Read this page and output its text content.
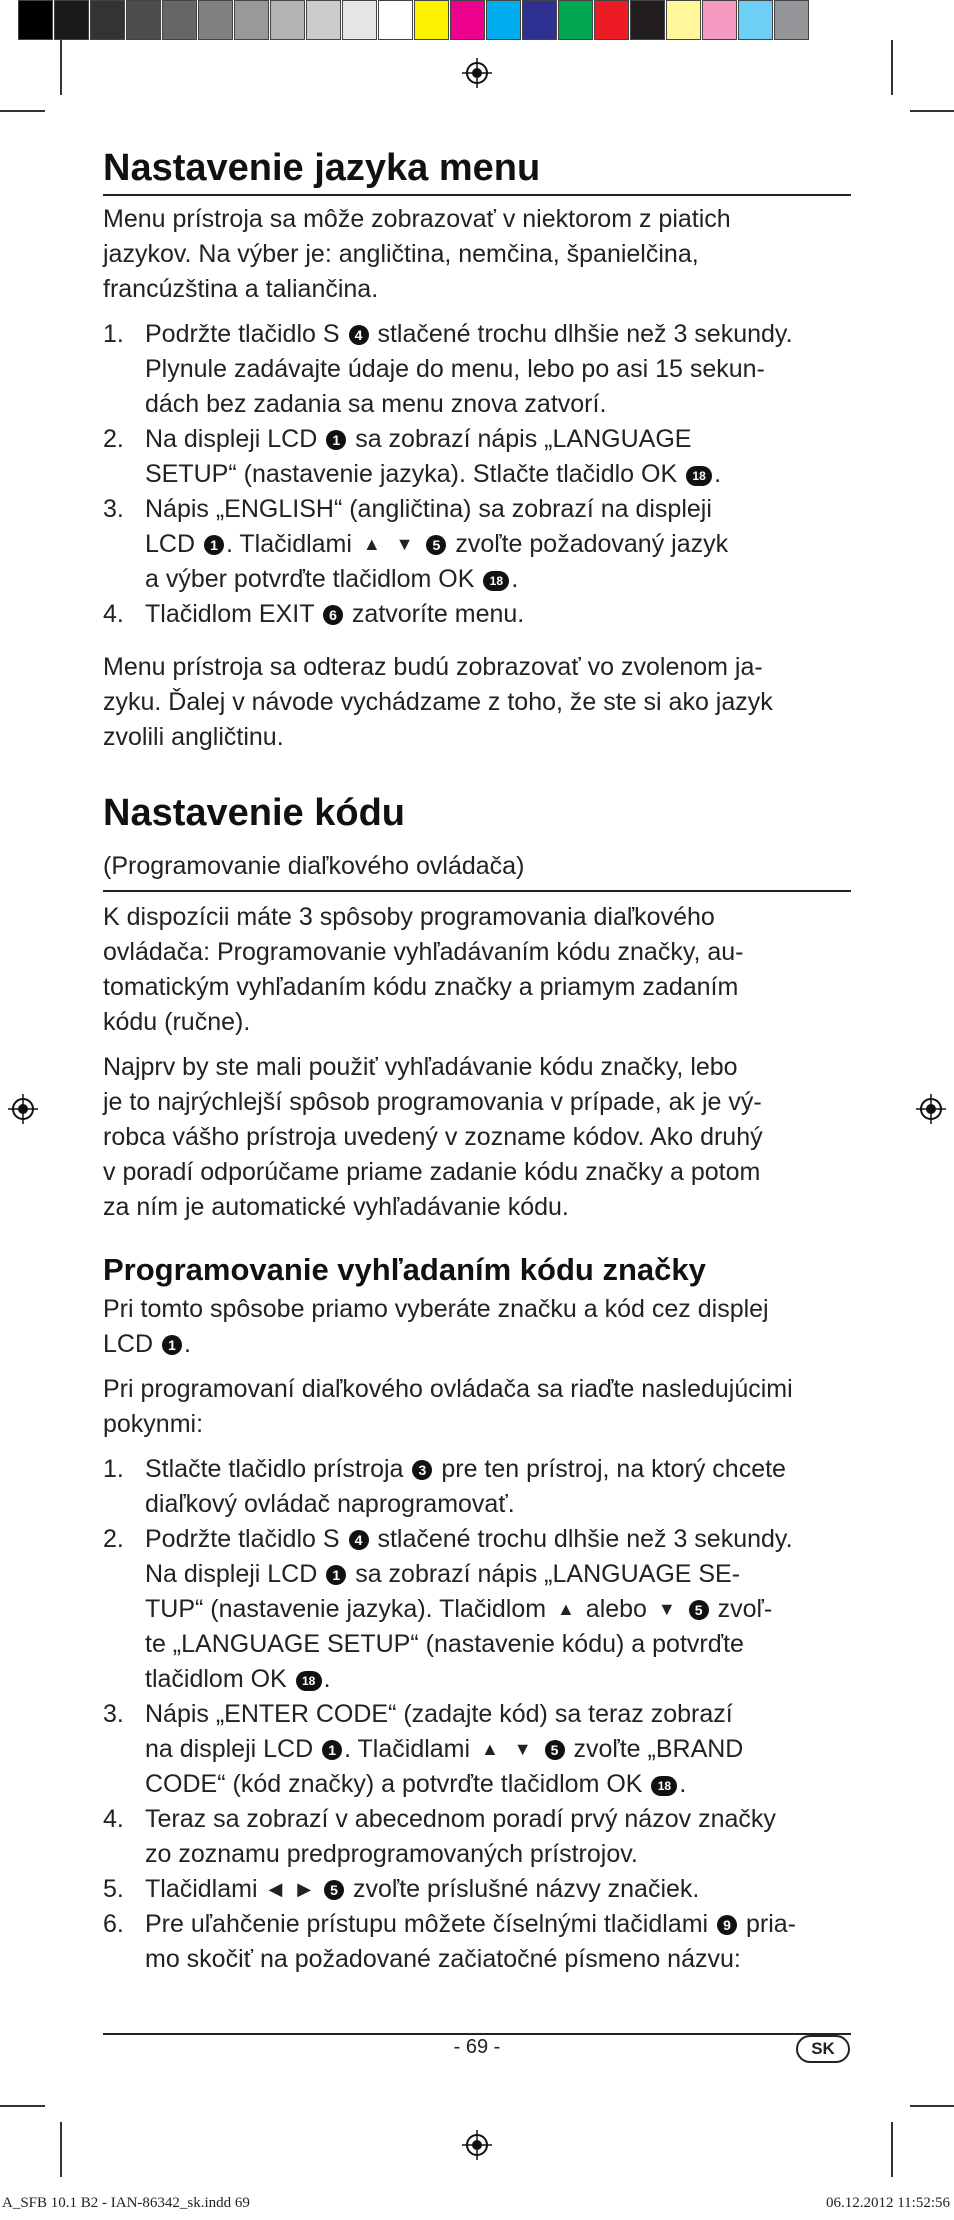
Nastavenie jazyka menu

Menu prístroja sa môže zobrazovať v niektorom z piatich
jazykov. Na výber je: angličtina, nemčina, španielčina,
francúzština a taliančina.

1. Podržte tlačidlo S 4 stlačené trochu dlhšie než 3 sekundy.
Plynule zadávajte údaje do menu, lebo po asi 15 sekun-
dách bez zadania sa menu znova zatvorí.
2. Na displeji LCD 1 sa zobrazí nápis „LANGUAGE
SETUP“ (nastavenie jazyka). Stlačte tlačidlo OK 18 .
3. Nápis „ENGLISH“ (angličtina) sa zobrazí na displeji
LCD 1 . Tlačidlami ▲ ▼ 5 zvoľte požadovaný jazyk
a výber potvrďte tlačidlom OK 18 .
4. Tlačidlom EXIT 6 zatvoríte menu.

Menu prístroja sa odteraz budú zobrazovať vo zvolenom ja-
zyku. Ďalej v návode vychádzame z toho, že ste si ako jazyk
zvolili angličtinu.

Nastavenie kódu

(Programovanie diaľkového ovládača)

K dispozícii máte 3 spôsoby programovania diaľkového
ovládača: Programovanie vyhľadávaním kódu značky, au-
tomatickým vyhľadaním kódu značky a priamym zadaním
kódu (ručne).

Najprv by ste mali použiť vyhľadávanie kódu značky, lebo
je to najrýchlejší spôsob programovania v prípade, ak je vý-
robca vášho prístroja uvedený v zozname kódov. Ako druhý
v poradí odporúčame priame zadanie kódu značky a potom
za ním je automatické vyhľadávanie kódu.

Programovanie vyhľadaním kódu značky

Pri tomto spôsobe priamo vyberáte značku a kód cez displej
LCD 1 .

Pri programovaní diaľkového ovládača sa riaďte nasledujúcimi
pokynmi:

1. Stlačte tlačidlo prístroja 3 pre ten prístroj, na ktorý chcete
diaľkový ovládač naprogramovať.
2. Podržte tlačidlo S 4 stlačené trochu dlhšie než 3 sekundy.
Na displeji LCD 1 sa zobrazí nápis „LANGUAGE SE-
TUP“ (nastavenie jazyka). Tlačidlom ▲ alebo ▼ 5 zvoľ-
te „LANGUAGE SETUP“ (nastavenie kódu) a potvrďte
tlačidlom OK 18 .
3. Nápis „ENTER CODE“ (zadajte kód) sa teraz zobrazí
na displeji LCD 1 . Tlačidlami ▲ ▼ 5 zvoľte „BRAND
CODE“ (kód značky) a potvrďte tlačidlom OK 18 .
4. Teraz sa zobrazí v abecednom poradí prvý názov značky
zo zoznamu predprogramovaných prístrojov.
5. Tlačidlami ◀ ▶ 5 zvoľte príslušné názvy značiek.
6. Pre uľahčenie prístupu môžete číselnými tlačidlami 9 pria-
mo skočiť na požadované začiatočné písmeno názvu:
- 69 -	SK
A_SFB 10.1 B2 - IAN-86342_sk.indd 69	06.12.2012 11:52:56
